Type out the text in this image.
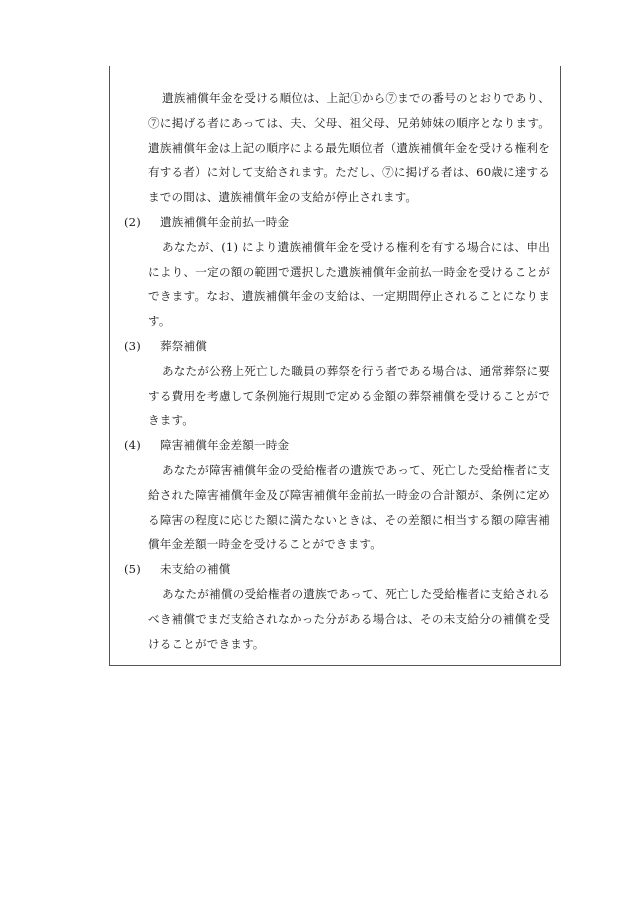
遺族補償年金を受ける順位は、上記①から⑦までの番号のとおりであり、⑦に掲げる者にあっては、夫、父母、祖父母、兄弟姉妹の順序となります。遺族補償年金は上記の順序による最先順位者（遺族補償年金を受ける権利を有する者）に対して支給されます。ただし、⑦に掲げる者は、60歳に達するまでの間は、遺族補償年金の支給が停止されます。

(2) 遺族補償年金前払一時金

あなたが、(1) により遺族補償年金を受ける権利を有する場合には、申出により、一定の額の範囲で選択した遺族補償年金前払一時金を受けることができます。なお、遺族補償年金の支給は、一定期間停止されることになります。

(3) 葬祭補償

あなたが公務上死亡した職員の葬祭を行う者である場合は、通常葬祭に要する費用を考慮して条例施行規則で定める金額の葬祭補償を受けることができます。

(4) 障害補償年金差額一時金

あなたが障害補償年金の受給権者の遺族であって、死亡した受給権者に支給された障害補償年金及び障害補償年金前払一時金の合計額が、条例に定める障害の程度に応じた額に満たないときは、その差額に相当する額の障害補償年金差額一時金を受けることができます。

(5) 未支給の補償

あなたが補償の受給権者の遺族であって、死亡した受給権者に支給されるべき補償でまだ支給されなかった分がある場合は、その未支給分の補償を受けることができます。
